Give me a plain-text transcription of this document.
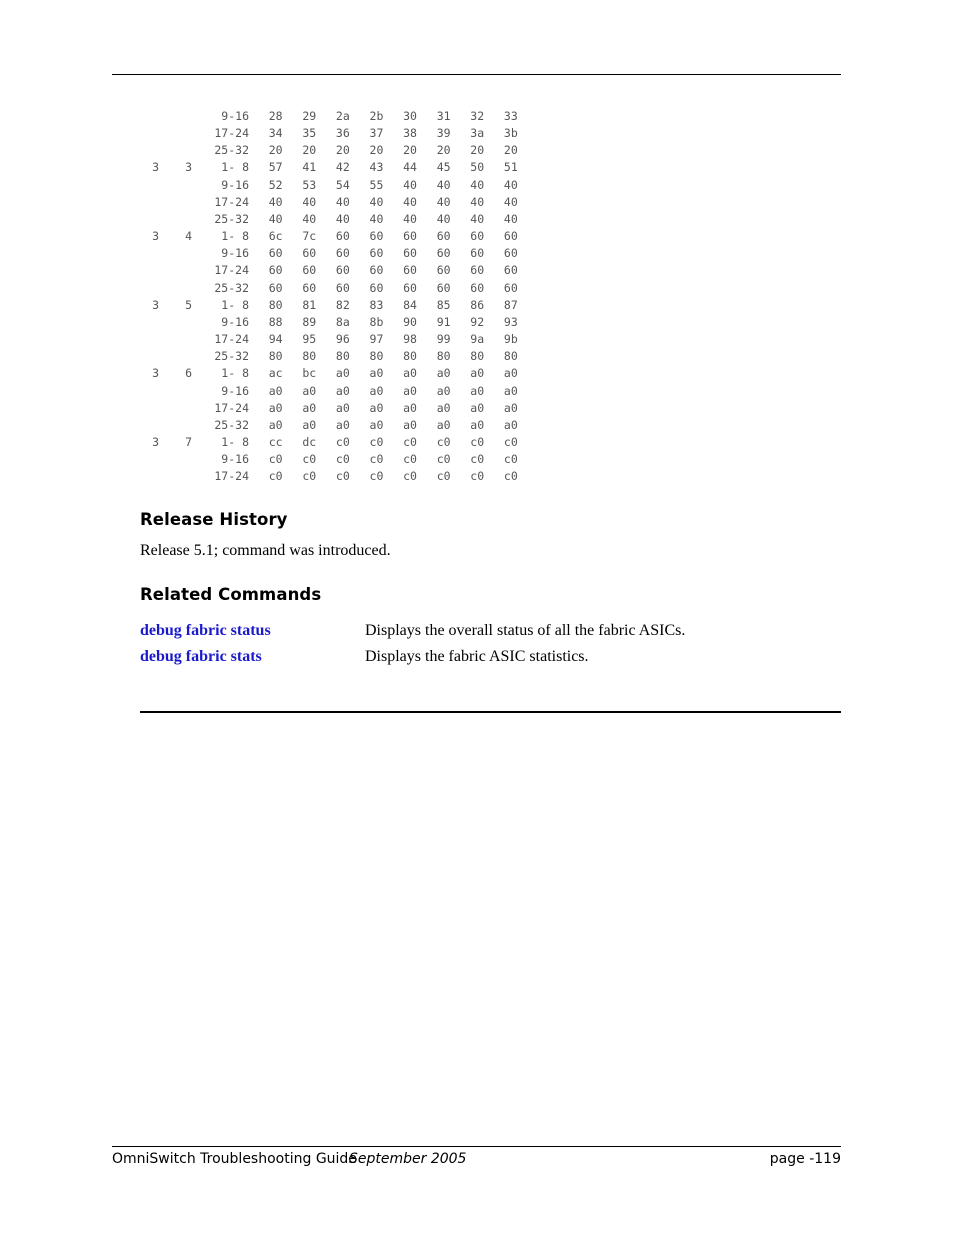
		9-16	28	29	2a	2b	30	31	32	33
		17-24	34	35	36	37	38	39	3a	3b
		25-32	20	20	20	20	20	20	20	20
3	3	1- 8	57	41	42	43	44	45	50	51
		9-16	52	53	54	55	40	40	40	40
		17-24	40	40	40	40	40	40	40	40
		25-32	40	40	40	40	40	40	40	40
3	4	1- 8	6c	7c	60	60	60	60	60	60
		9-16	60	60	60	60	60	60	60	60
		17-24	60	60	60	60	60	60	60	60
		25-32	60	60	60	60	60	60	60	60
3	5	1- 8	80	81	82	83	84	85	86	87
		9-16	88	89	8a	8b	90	91	92	93
		17-24	94	95	96	97	98	99	9a	9b
		25-32	80	80	80	80	80	80	80	80
3	6	1- 8	ac	bc	a0	a0	a0	a0	a0	a0
		9-16	a0	a0	a0	a0	a0	a0	a0	a0
		17-24	a0	a0	a0	a0	a0	a0	a0	a0
		25-32	a0	a0	a0	a0	a0	a0	a0	a0
3	7	1- 8	cc	dc	c0	c0	c0	c0	c0	c0
		9-16	c0	c0	c0	c0	c0	c0	c0	c0
		17-24	c0	c0	c0	c0	c0	c0	c0	c0
Release History
Release 5.1; command was introduced.
Related Commands
debug fabric status	Displays the overall status of all the fabric ASICs.
debug fabric stats	Displays the fabric ASIC statistics.
OmniSwitch Troubleshooting Guide
September 2005	page -119
